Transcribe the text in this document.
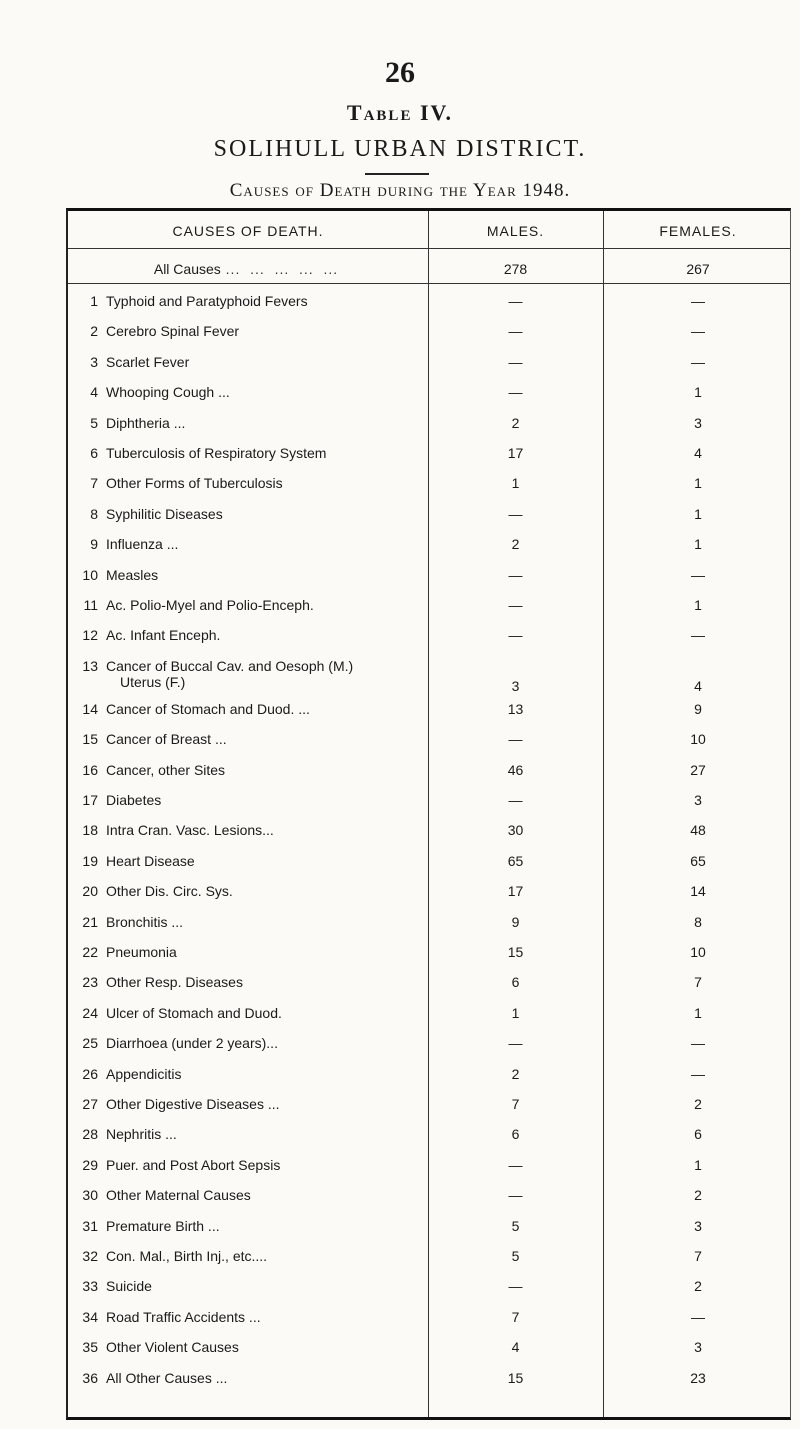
26
Table IV.
SOLIHULL URBAN DISTRICT.
Causes of Death during the Year 1948.
CAUSES OF DEATH.	MALES.	FEMALES.
All Causes ...  ...  ...  ...  ...	278	267
1 Typhoid and Paratyphoid Fevers	—	—
2 Cerebro Spinal Fever	—	—
3 Scarlet Fever	—	—
4 Whooping Cough ...	—	1
5 Diphtheria ...	2	3
6 Tuberculosis of Respiratory System	17	4
7 Other Forms of Tuberculosis	1	1
8 Syphilitic Diseases	—	1
9 Influenza ...	2	1
10 Measles	—	—
11 Ac. Polio-Myel and Polio-Enceph.	—	1
12 Ac. Infant Enceph.	—	—
13 Cancer of Buccal Cav. and Oesoph (M.)
Uterus (F.)	3	4
14 Cancer of Stomach and Duod. ...	13	9
15 Cancer of Breast ...	—	10
16 Cancer, other Sites	46	27
17 Diabetes	—	3
18 Intra Cran. Vasc. Lesions...	30	48
19 Heart Disease	65	65
20 Other Dis. Circ. Sys.	17	14
21 Bronchitis ...	9	8
22 Pneumonia	15	10
23 Other Resp. Diseases	6	7
24 Ulcer of Stomach and Duod.	1	1
25 Diarrhoea (under 2 years)...	—	—
26 Appendicitis	2	—
27 Other Digestive Diseases ...	7	2
28 Nephritis ...	6	6
29 Puer. and Post Abort Sepsis	—	1
30 Other Maternal Causes	—	2
31 Premature Birth ...	5	3
32 Con. Mal., Birth Inj., etc....	5	7
33 Suicide	—	2
34 Road Traffic Accidents ...	7	—
35 Other Violent Causes	4	3
36 All Other Causes ...	15	23
